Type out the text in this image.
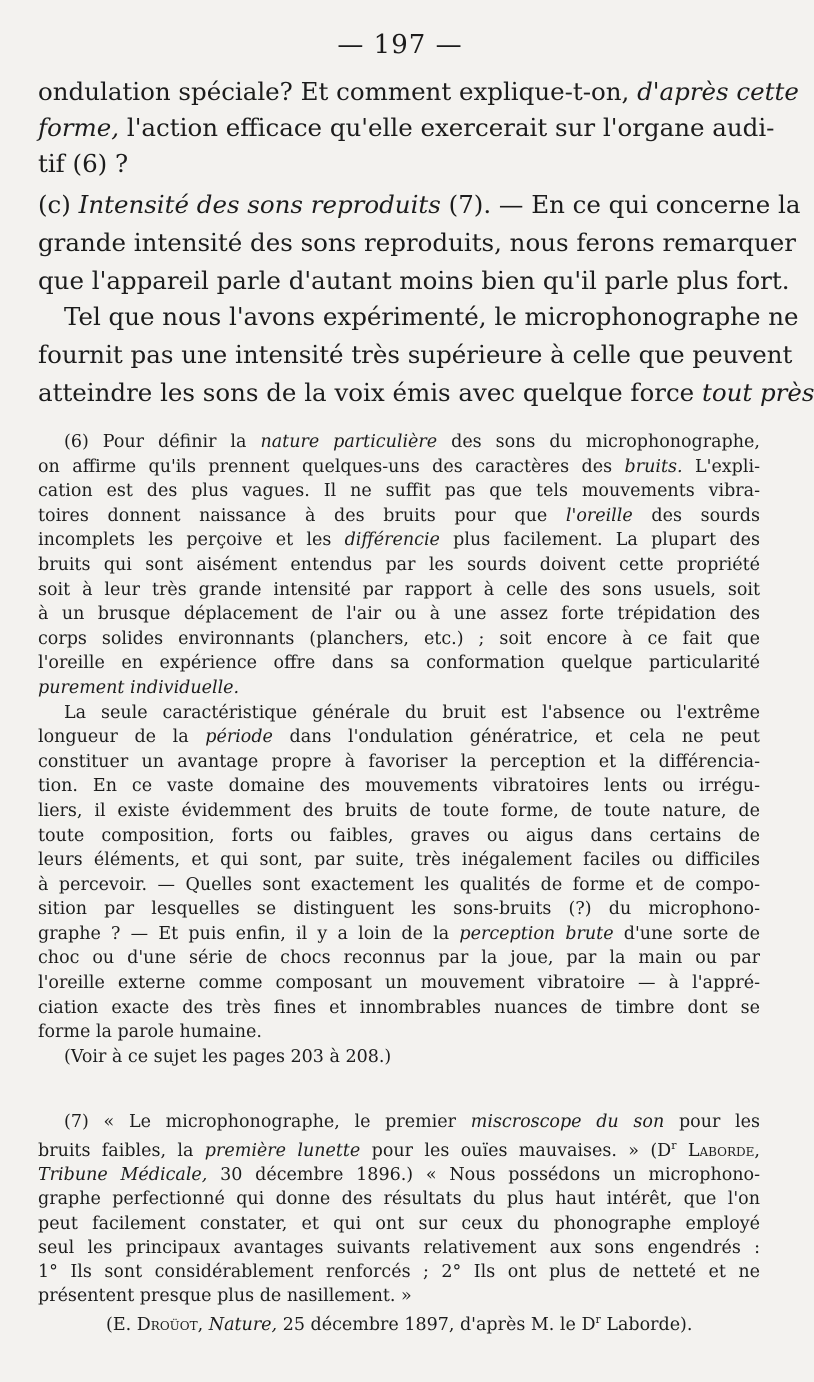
— 197 —

ondulation spéciale? Et comment explique-t-on, d'après cette
forme, l'action efficace qu'elle exercerait sur l'organe audi-
tif (6) ?

(c) Intensité des sons reproduits (7). — En ce qui concerne la
grande intensité des sons reproduits, nous ferons remarquer
que l'appareil parle d'autant moins bien qu'il parle plus fort.

Tel que nous l'avons expérimenté, le microphonographe ne
fournit pas une intensité très supérieure à celle que peuvent
atteindre les sons de la voix émis avec quelque force tout près

(6) Pour définir la nature particulière des sons du microphonographe,
on affirme qu'ils prennent quelques-uns des caractères des bruits. L'expli-
cation est des plus vagues. Il ne suffit pas que tels mouvements vibra-
toires donnent naissance à des bruits pour que l'oreille des sourds
incomplets les perçoive et les différencie plus facilement. La plupart des
bruits qui sont aisément entendus par les sourds doivent cette propriété
soit à leur très grande intensité par rapport à celle des sons usuels, soit
à un brusque déplacement de l'air ou à une assez forte trépidation des
corps solides environnants (planchers, etc.) ; soit encore à ce fait que
l'oreille en expérience offre dans sa conformation quelque particularité
purement individuelle.

La seule caractéristique générale du bruit est l'absence ou l'extrême
longueur de la période dans l'ondulation génératrice, et cela ne peut
constituer un avantage propre à favoriser la perception et la différencia-
tion. En ce vaste domaine des mouvements vibratoires lents ou irrégu-
liers, il existe évidemment des bruits de toute forme, de toute nature, de
toute composition, forts ou faibles, graves ou aigus dans certains de
leurs éléments, et qui sont, par suite, très inégalement faciles ou difficiles
à percevoir. — Quelles sont exactement les qualités de forme et de compo-
sition par lesquelles se distinguent les sons-bruits (?) du microphono-
graphe ? — Et puis enfin, il y a loin de la perception brute d'une sorte de
choc ou d'une série de chocs reconnus par la joue, par la main ou par
l'oreille externe comme composant un mouvement vibratoire — à l'appré-
ciation exacte des très fines et innombrables nuances de timbre dont se
forme la parole humaine.

(Voir à ce sujet les pages 203 à 208.)

(7) « Le microphonographe, le premier miscroscope du son pour les
bruits faibles, la première lunette pour les ouïes mauvaises. » ($D^r$ Laborde,
Tribune Médicale, 30 décembre 1896.) « Nous possédons un microphono-
graphe perfectionné qui donne des résultats du plus haut intérêt, que l'on
peut facilement constater, et qui ont sur ceux du phonographe employé
seul les principaux avantages suivants relativement aux sons engendrés :
1° Ils sont considérablement renforcés ; 2° Ils ont plus de netteté et ne
présentent presque plus de nasillement. »
(E. Droüot, Nature, 25 décembre 1897, d'après M. le $D^r$ Laborde).
